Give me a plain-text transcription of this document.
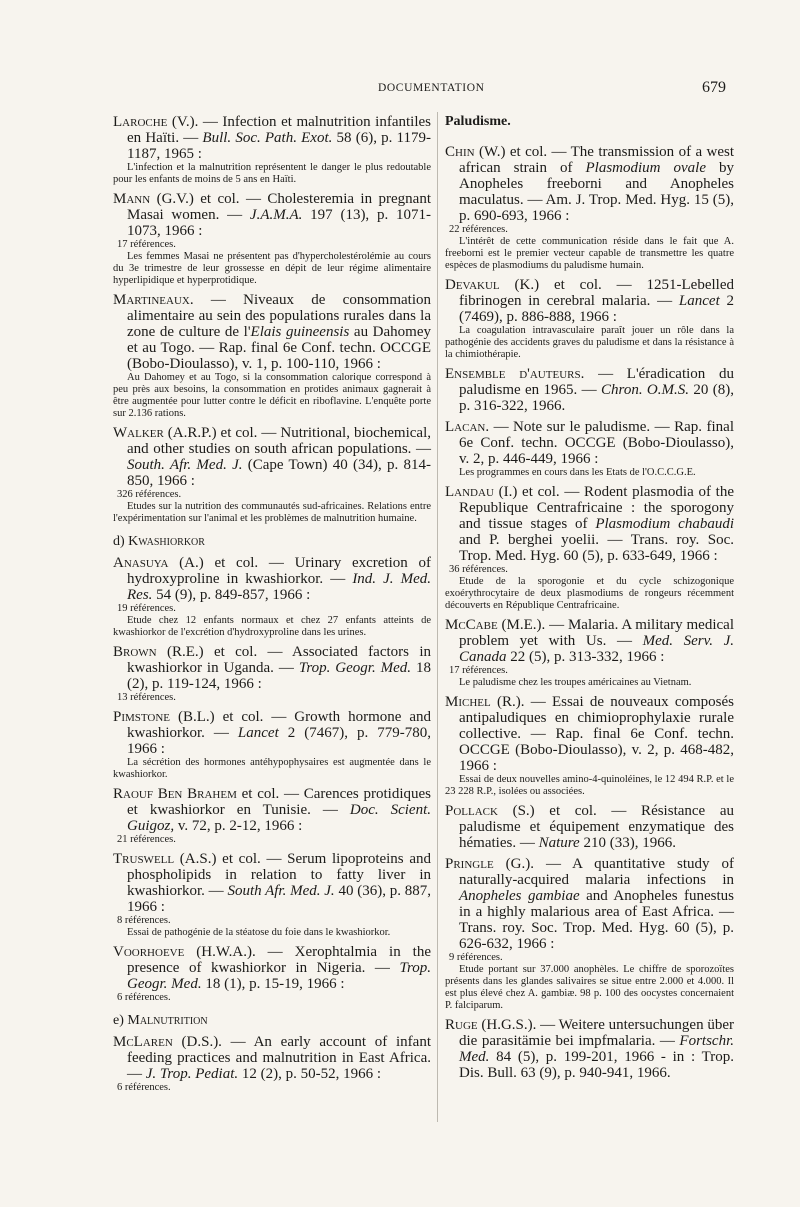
DOCUMENTATION	679

Laroche (V.). — Infection et malnutrition infantiles en Haïti. — Bull. Soc. Path. Exot. 58 (6), p. 1179-1187, 1965 :

L'infection et la malnutrition représentent le danger le plus redoutable pour les enfants de moins de 5 ans en Haïti.

Mann (G.V.) et col. — Cholesteremia in pregnant Masai women. — J.A.M.A. 197 (13), p. 1071-1073, 1966 :

17 références.

Les femmes Masai ne présentent pas d'hypercholestérolémie au cours du 3e trimestre de leur grossesse en dépit de leur régime alimentaire hyperlipidique et hyperprotidique.

Martineaux. — Niveaux de consommation alimentaire au sein des populations rurales dans la zone de culture de l'Elais guineensis au Dahomey et au Togo. — Rap. final 6e Conf. techn. OCCGE (Bobo-Dioulasso), v. 1, p. 100-110, 1966 :

Au Dahomey et au Togo, si la consommation calorique correspond à peu près aux besoins, la consommation en protides animaux gagnerait à être augmentée pour lutter contre le déficit en riboflavine. L'enquête porte sur 2.136 rations.

Walker (A.R.P.) et col. — Nutritional, biochemical, and other studies on south african populations. — South. Afr. Med. J. (Cape Town) 40 (34), p. 814-850, 1966 :

326 références.

Etudes sur la nutrition des communautés sud-africaines. Relations entre l'expérimentation sur l'animal et les problèmes de malnutrition humaine.

d) Kwashiorkor

Anasuya (A.) et col. — Urinary excretion of hydroxyproline in kwashiorkor. — Ind. J. Med. Res. 54 (9), p. 849-857, 1966 :

19 références.

Etude chez 12 enfants normaux et chez 27 enfants atteints de kwashiorkor de l'excrétion d'hydroxyproline dans les urines.

Brown (R.E.) et col. — Associated factors in kwashiorkor in Uganda. — Trop. Geogr. Med. 18 (2), p. 119-124, 1966 :

13 références.

Pimstone (B.L.) et col. — Growth hormone and kwashiorkor. — Lancet 2 (7467), p. 779-780, 1966 :

La sécrétion des hormones antéhypophysaires est augmentée dans le kwashiorkor.

Raouf Ben Brahem et col. — Carences protidiques et kwashiorkor en Tunisie. — Doc. Scient. Guigoz, v. 72, p. 2-12, 1966 :

21 références.

Truswell (A.S.) et col. — Serum lipoproteins and phospholipids in relation to fatty liver in kwashiorkor. — South Afr. Med. J. 40 (36), p. 887, 1966 :

8 références.

Essai de pathogénie de la stéatose du foie dans le kwashiorkor.

Voorhoeve (H.W.A.). — Xerophtalmia in the presence of kwashiorkor in Nigeria. — Trop. Geogr. Med. 18 (1), p. 15-19, 1966 :

6 références.

e) Malnutrition

McLaren (D.S.). — An early account of infant feeding practices and malnutrition in East Africa. — J. Trop. Pediat. 12 (2), p. 50-52, 1966 :

6 références.

Paludisme.

Chin (W.) et col. — The transmission of a west african strain of Plasmodium ovale by Anopheles freeborni and Anopheles maculatus. — Am. J. Trop. Med. Hyg. 15 (5), p. 690-693, 1966 :

22 références.

L'intérêt de cette communication réside dans le fait que A. freeborni est le premier vecteur capable de transmettre les quatre espèces de plasmodiums du paludisme humain.

Devakul (K.) et col. — 1251-Lebelled fibrinogen in cerebral malaria. — Lancet 2 (7469), p. 886-888, 1966 :

La coagulation intravasculaire paraît jouer un rôle dans la pathogénie des accidents graves du paludisme et dans la résistance à la chimiothérapie.

Ensemble d'auteurs. — L'éradication du paludisme en 1965. — Chron. O.M.S. 20 (8), p. 316-322, 1966.

Lacan. — Note sur le paludisme. — Rap. final 6e Conf. techn. OCCGE (Bobo-Dioulasso), v. 2, p. 446-449, 1966 :

Les programmes en cours dans les Etats de l'O.C.C.G.E.

Landau (I.) et col. — Rodent plasmodia of the Republique Centrafricaine : the sporogony and tissue stages of Plasmodium chabaudi and P. berghei yoelii. — Trans. roy. Soc. Trop. Med. Hyg. 60 (5), p. 633-649, 1966 :

36 références.

Etude de la sporogonie et du cycle schizogonique exoérythrocytaire de deux plasmodiums de rongeurs récemment découverts en République Centrafricaine.

McCabe (M.E.). — Malaria. A military medical problem yet with Us. — Med. Serv. J. Canada 22 (5), p. 313-332, 1966 :

17 références.

Le paludisme chez les troupes américaines au Vietnam.

Michel (R.). — Essai de nouveaux composés antipaludiques en chimioprophylaxie rurale collective. — Rap. final 6e Conf. techn. OCCGE (Bobo-Dioulasso), v. 2, p. 468-482, 1966 :

Essai de deux nouvelles amino-4-quinoléines, le 12 494 R.P. et le 23 228 R.P., isolées ou associées.

Pollack (S.) et col. — Résistance au paludisme et équipement enzymatique des hématies. — Nature 210 (33), 1966.

Pringle (G.). — A quantitative study of naturally-acquired malaria infections in Anopheles gambiae and Anopheles funestus in a highly malarious area of East Africa. — Trans. roy. Soc. Trop. Med. Hyg. 60 (5), p. 626-632, 1966 :

9 références.

Etude portant sur 37.000 anophèles. Le chiffre de sporozoïtes présents dans les glandes salivaires se situe entre 2.000 et 4.000. Il est plus élevé chez A. gambiæ. 98 p. 100 des oocystes concernaient P. falciparum.

Ruge (H.G.S.). — Weitere untersuchungen über die parasitämie bei impfmalaria. — Fortschr. Med. 84 (5), p. 199-201, 1966 - in : Trop. Dis. Bull. 63 (9), p. 940-941, 1966.
